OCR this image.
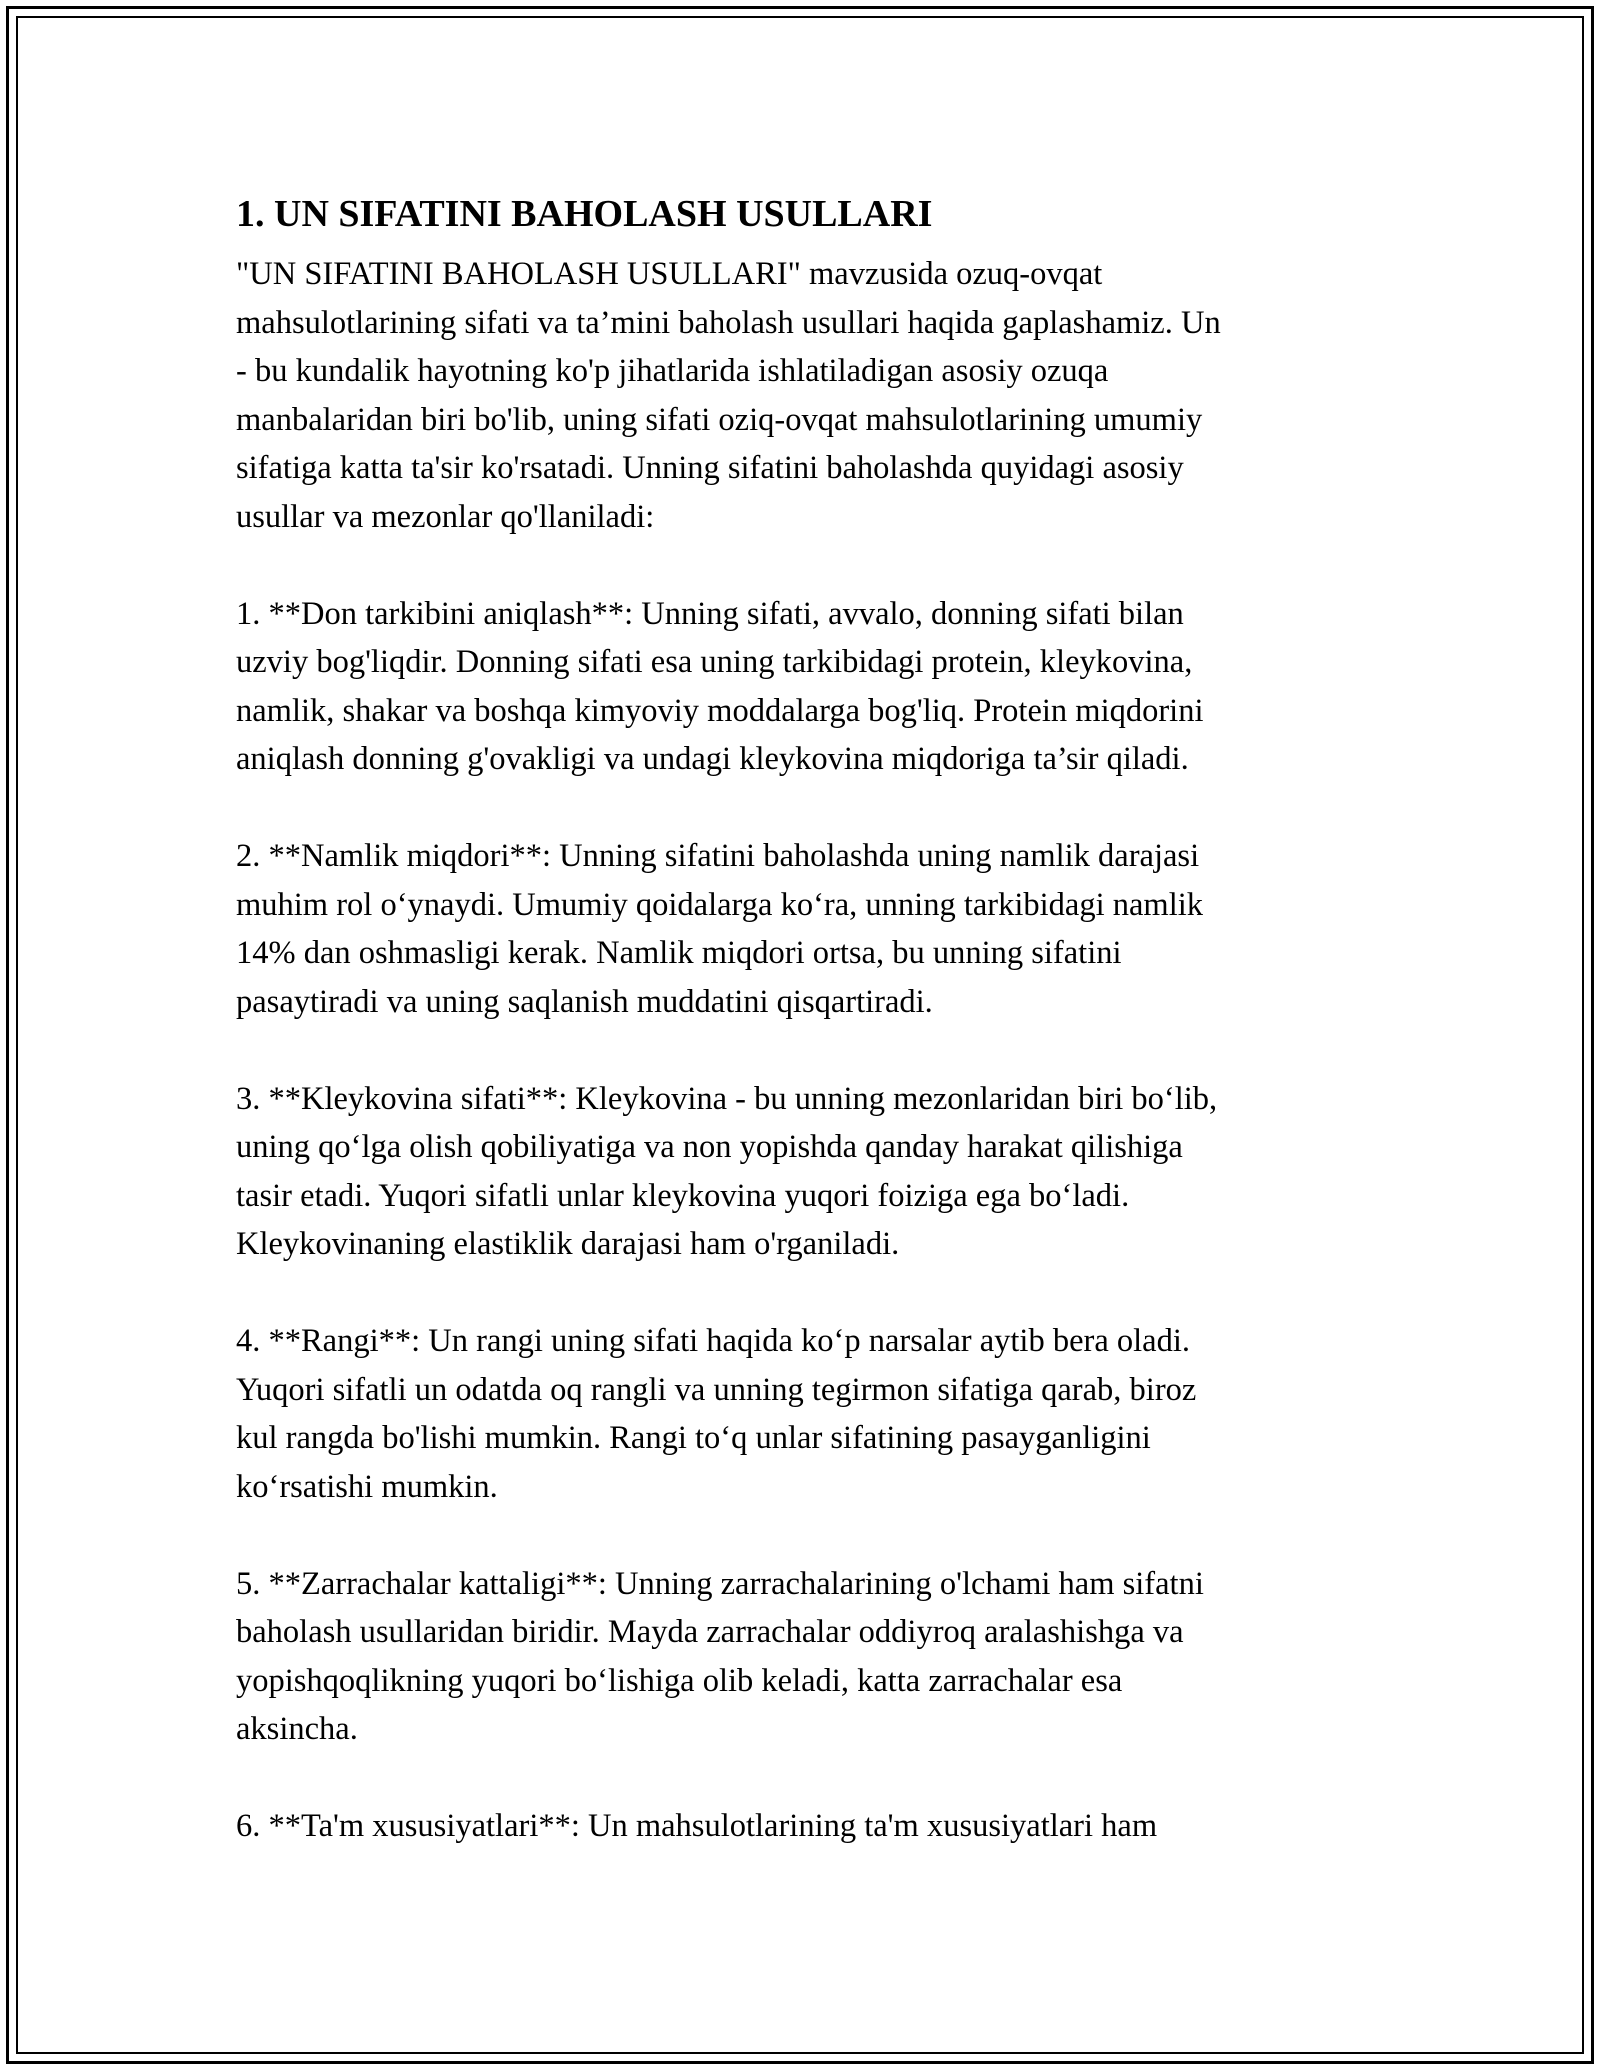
1. UN SIFATINI BAHOLASH USULLARI

"UN SIFATINI BAHOLASH USULLARI" mavzusida ozuq-ovqat
mahsulotlarining sifati va ta’mini baholash usullari haqida gaplashamiz. Un
- bu kundalik hayotning ko'p jihatlarida ishlatiladigan asosiy ozuqa
manbalaridan biri bo'lib, uning sifati oziq-ovqat mahsulotlarining umumiy
sifatiga katta ta'sir ko'rsatadi. Unning sifatini baholashda quyidagi asosiy
usullar va mezonlar qo'llaniladi:

1. **Don tarkibini aniqlash**: Unning sifati, avvalo, donning sifati bilan
uzviy bog'liqdir. Donning sifati esa uning tarkibidagi protein, kleykovina,
namlik, shakar va boshqa kimyoviy moddalarga bog'liq. Protein miqdorini
aniqlash donning g'ovakligi va undagi kleykovina miqdoriga ta’sir qiladi.

2. **Namlik miqdori**: Unning sifatini baholashda uning namlik darajasi
muhim rol o‘ynaydi. Umumiy qoidalarga ko‘ra, unning tarkibidagi namlik
14% dan oshmasligi kerak. Namlik miqdori ortsa, bu unning sifatini
pasaytiradi va uning saqlanish muddatini qisqartiradi.

3. **Kleykovina sifati**: Kleykovina - bu unning mezonlaridan biri bo‘lib,
uning qo‘lga olish qobiliyatiga va non yopishda qanday harakat qilishiga
tasir etadi. Yuqori sifatli unlar kleykovina yuqori foiziga ega bo‘ladi.
Kleykovinaning elastiklik darajasi ham o'rganiladi.

4. **Rangi**: Un rangi uning sifati haqida ko‘p narsalar aytib bera oladi.
Yuqori sifatli un odatda oq rangli va unning tegirmon sifatiga qarab, biroz
kul rangda bo'lishi mumkin. Rangi to‘q unlar sifatining pasayganligini
ko‘rsatishi mumkin.

5. **Zarrachalar kattaligi**: Unning zarrachalarining o'lchami ham sifatni
baholash usullaridan biridir. Mayda zarrachalar oddiyroq aralashishga va
yopishqoqlikning yuqori bo‘lishiga olib keladi, katta zarrachalar esa
aksincha.

6. **Ta'm xususiyatlari**: Un mahsulotlarining ta'm xususiyatlari ham
